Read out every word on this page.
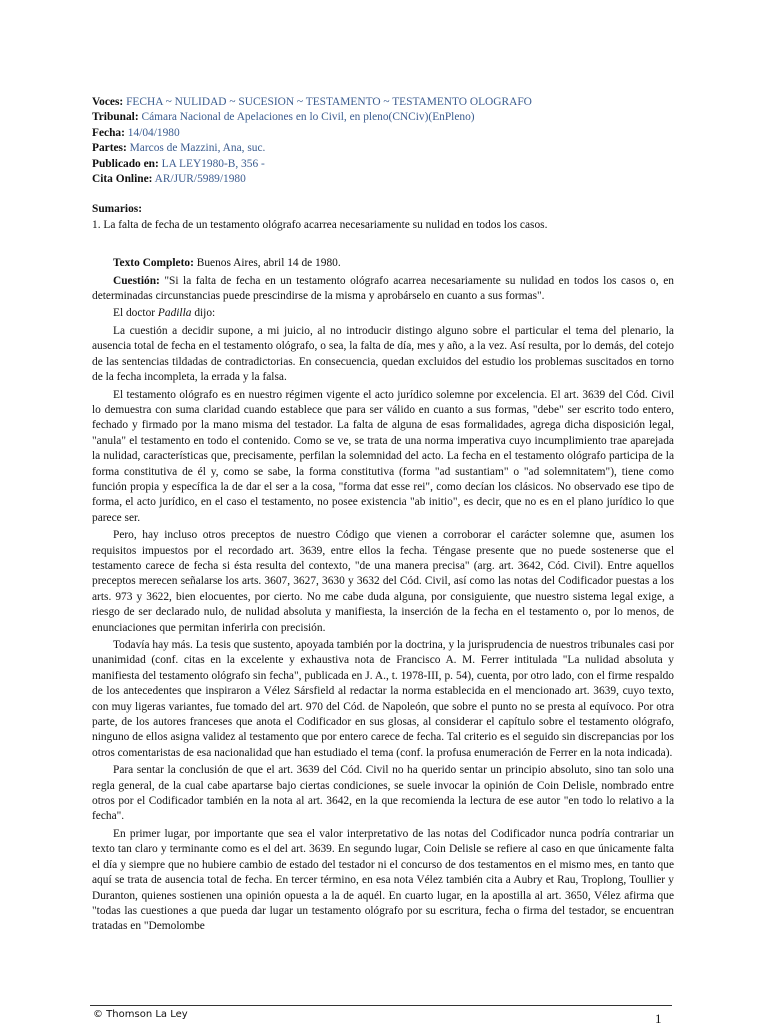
Voces: FECHA ~ NULIDAD ~ SUCESION ~ TESTAMENTO ~ TESTAMENTO OLOGRAFO

Tribunal: Cámara Nacional de Apelaciones en lo Civil, en pleno(CNCiv)(EnPleno)

Fecha: 14/04/1980

Partes: Marcos de Mazzini, Ana, suc.

Publicado en: LA LEY1980-B, 356 -

Cita Online: AR/JUR/5989/1980

Sumarios:
1. La falta de fecha de un testamento ológrafo acarrea necesariamente su nulidad en todos los casos.

Texto Completo: Buenos Aires, abril 14 de 1980.

Cuestión: "Si la falta de fecha en un testamento ológrafo acarrea necesariamente su nulidad en todos los casos o, en determinadas circunstancias puede prescindirse de la misma y aprobárselo en cuanto a sus formas".

El doctor Padilla dijo:

La cuestión a decidir supone, a mi juicio, al no introducir distingo alguno sobre el particular el tema del plenario, la ausencia total de fecha en el testamento ológrafo, o sea, la falta de día, mes y año, a la vez. Así resulta, por lo demás, del cotejo de las sentencias tildadas de contradictorias. En consecuencia, quedan excluidos del estudio los problemas suscitados en torno de la fecha incompleta, la errada y la falsa.

El testamento ológrafo es en nuestro régimen vigente el acto jurídico solemne por excelencia. El art. 3639 del Cód. Civil lo demuestra con suma claridad cuando establece que para ser válido en cuanto a sus formas, "debe" ser escrito todo entero, fechado y firmado por la mano misma del testador. La falta de alguna de esas formalidades, agrega dicha disposición legal, "anula" el testamento en todo el contenido. Como se ve, se trata de una norma imperativa cuyo incumplimiento trae aparejada la nulidad, características que, precisamente, perfilan la solemnidad del acto. La fecha en el testamento ológrafo participa de la forma constitutiva de él y, como se sabe, la forma constitutiva (forma "ad sustantiam" o "ad solemnitatem"), tiene como función propia y específica la de dar el ser a la cosa, "forma dat esse rei", como decían los clásicos. No observado ese tipo de forma, el acto jurídico, en el caso el testamento, no posee existencia "ab initio", es decir, que no es en el plano jurídico lo que parece ser.

Pero, hay incluso otros preceptos de nuestro Código que vienen a corroborar el carácter solemne que, asumen los requisitos impuestos por el recordado art. 3639, entre ellos la fecha. Téngase presente que no puede sostenerse que el testamento carece de fecha si ésta resulta del contexto, "de una manera precisa" (arg. art. 3642, Cód. Civil). Entre aquellos preceptos merecen señalarse los arts. 3607, 3627, 3630 y 3632 del Cód. Civil, así como las notas del Codificador puestas a los arts. 973 y 3622, bien elocuentes, por cierto. No me cabe duda alguna, por consiguiente, que nuestro sistema legal exige, a riesgo de ser declarado nulo, de nulidad absoluta y manifiesta, la inserción de la fecha en el testamento o, por lo menos, de enunciaciones que permitan inferirla con precisión.

Todavía hay más. La tesis que sustento, apoyada también por la doctrina, y la jurisprudencia de nuestros tribunales casi por unanimidad (conf. citas en la excelente y exhaustiva nota de Francisco A. M. Ferrer intitulada "La nulidad absoluta y manifiesta del testamento ológrafo sin fecha", publicada en J. A., t. 1978-III, p. 54), cuenta, por otro lado, con el firme respaldo de los antecedentes que inspiraron a Vélez Sársfield al redactar la norma establecida en el mencionado art. 3639, cuyo texto, con muy ligeras variantes, fue tomado del art. 970 del Cód. de Napoleón, que sobre el punto no se presta al equívoco. Por otra parte, de los autores franceses que anota el Codificador en sus glosas, al considerar el capítulo sobre el testamento ológrafo, ninguno de ellos asigna validez al testamento que por entero carece de fecha. Tal criterio es el seguido sin discrepancias por los otros comentaristas de esa nacionalidad que han estudiado el tema (conf. la profusa enumeración de Ferrer en la nota indicada).

Para sentar la conclusión de que el art. 3639 del Cód. Civil no ha querido sentar un principio absoluto, sino tan solo una regla general, de la cual cabe apartarse bajo ciertas condiciones, se suele invocar la opinión de Coin Delisle, nombrado entre otros por el Codificador también en la nota al art. 3642, en la que recomienda la lectura de ese autor "en todo lo relativo a la fecha".

En primer lugar, por importante que sea el valor interpretativo de las notas del Codificador nunca podría contrariar un texto tan claro y terminante como es el del art. 3639. En segundo lugar, Coin Delisle se refiere al caso en que únicamente falta el día y siempre que no hubiere cambio de estado del testador ni el concurso de dos testamentos en el mismo mes, en tanto que aquí se trata de ausencia total de fecha. En tercer término, en esa nota Vélez también cita a Aubry et Rau, Troplong, Toullier y Duranton, quienes sostienen una opinión opuesta a la de aquél. En cuarto lugar, en la apostilla al art. 3650, Vélez afirma que "todas las cuestiones a que pueda dar lugar un testamento ológrafo por su escritura, fecha o firma del testador, se encuentran tratadas en "Demolombe

© Thomson La Ley	1
